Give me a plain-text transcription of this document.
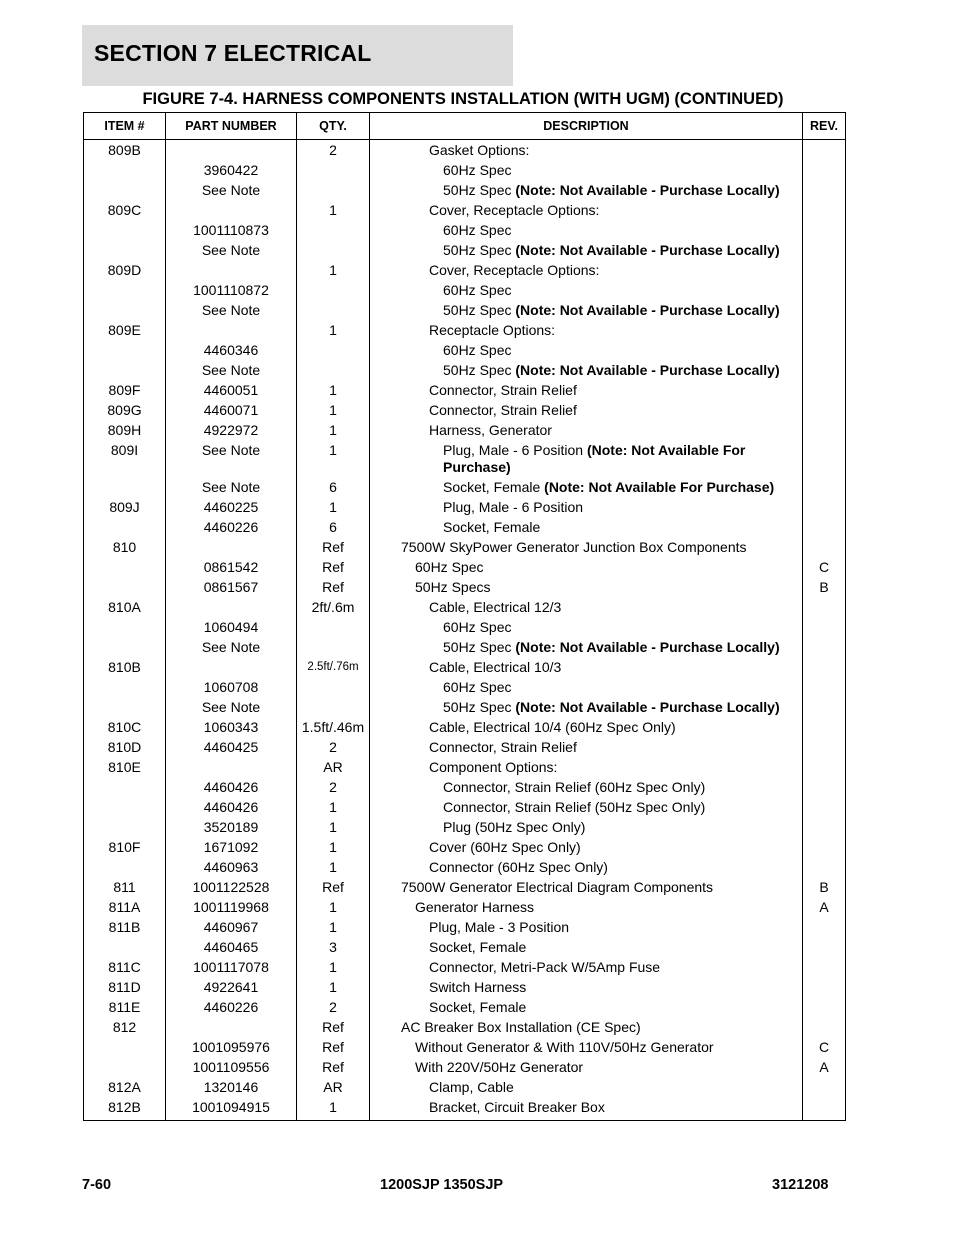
SECTION 7 ELECTRICAL
FIGURE 7-4. HARNESS COMPONENTS INSTALLATION (WITH UGM) (CONTINUED)
ITEM #	PART NUMBER	QTY.	DESCRIPTION	REV.
809B		2	Gasket Options:	
	3960422		60Hz Spec	
	See Note		50Hz Spec (Note: Not Available - Purchase Locally)	
809C		1	Cover, Receptacle Options:	
	1001110873		60Hz Spec	
	See Note		50Hz Spec (Note: Not Available - Purchase Locally)	
809D		1	Cover, Receptacle Options:	
	1001110872		60Hz Spec	
	See Note		50Hz Spec (Note: Not Available - Purchase Locally)	
809E		1	Receptacle Options:	
	4460346		60Hz Spec	
	See Note		50Hz Spec (Note: Not Available - Purchase Locally)	
809F	4460051	1	Connector, Strain Relief	
809G	4460071	1	Connector, Strain Relief	
809H	4922972	1	Harness, Generator	
809I	See Note	1	Plug, Male - 6 Position (Note: Not Available For Purchase)	
	See Note	6	Socket, Female (Note: Not Available For Purchase)	
809J	4460225	1	Plug, Male - 6 Position	
	4460226	6	Socket, Female	
810		Ref	7500W SkyPower Generator Junction Box Components	
	0861542	Ref	60Hz Spec	C
	0861567	Ref	50Hz Specs	B
810A		2ft/.6m	Cable, Electrical 12/3	
	1060494		60Hz Spec	
	See Note		50Hz Spec (Note: Not Available - Purchase Locally)	
810B		2.5ft/.76m	Cable, Electrical 10/3	
	1060708		60Hz Spec	
	See Note		50Hz Spec (Note: Not Available - Purchase Locally)	
810C	1060343	1.5ft/.46m	Cable, Electrical 10/4 (60Hz Spec Only)	
810D	4460425	2	Connector, Strain Relief	
810E		AR	Component Options:	
	4460426	2	Connector, Strain Relief (60Hz Spec Only)	
	4460426	1	Connector, Strain Relief (50Hz Spec Only)	
	3520189	1	Plug (50Hz Spec Only)	
810F	1671092	1	Cover (60Hz Spec Only)	
	4460963	1	Connector (60Hz Spec Only)	
811	1001122528	Ref	7500W Generator Electrical Diagram Components	B
811A	1001119968	1	Generator Harness	A
811B	4460967	1	Plug, Male - 3 Position	
	4460465	3	Socket, Female	
811C	1001117078	1	Connector, Metri-Pack W/5Amp Fuse	
811D	4922641	1	Switch Harness	
811E	4460226	2	Socket, Female	
812		Ref	AC Breaker Box Installation (CE Spec)	
	1001095976	Ref	Without Generator & With 110V/50Hz Generator	C
	1001109556	Ref	With 220V/50Hz Generator	A
812A	1320146	AR	Clamp, Cable	
812B	1001094915	1	Bracket, Circuit Breaker Box	
7-60	1200SJP 1350SJP	3121208
